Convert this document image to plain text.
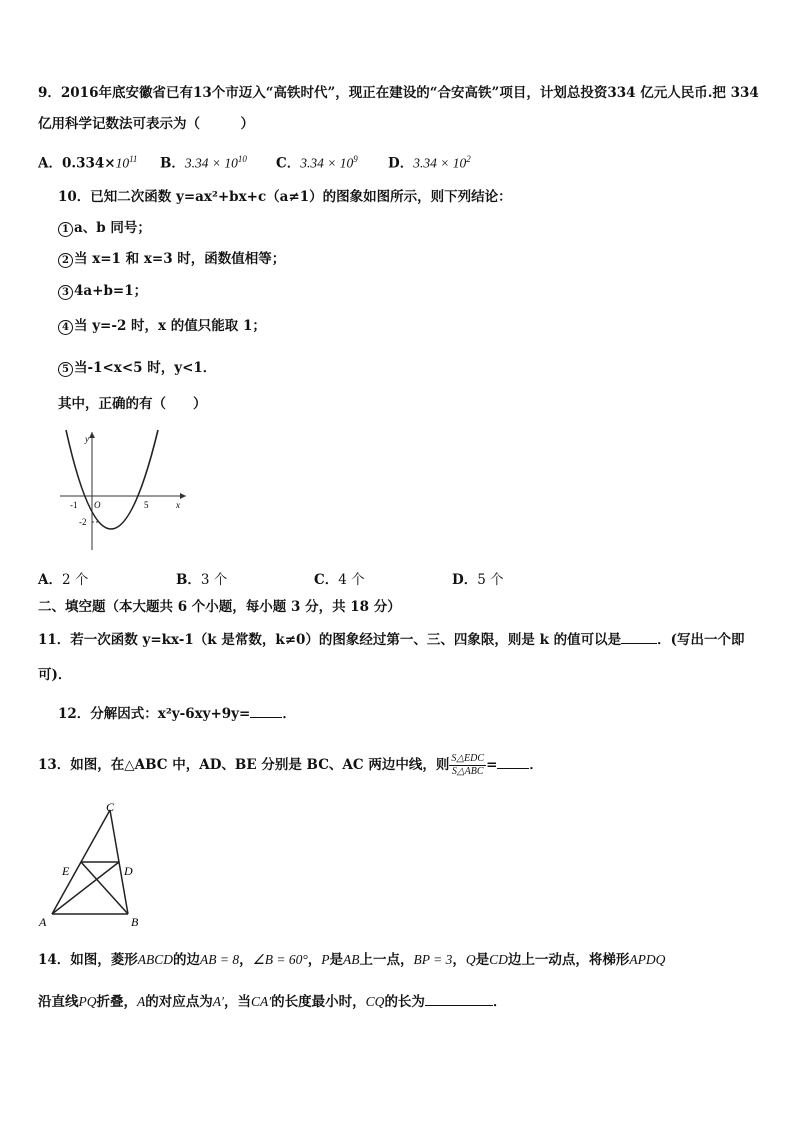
9．2016年底安徽省已有13个市迈入“高铁时代”，现正在建设的“合安高铁”项目，计划总投资334 亿元人民币.把 334
亿用科学记数法可表示为（　　　）
A．$0.334\times 10^{11}$ B．$3.34 \times 10^{10}$ C．$3.34 \times 10^9$ D．$3.34 \times 10^2$
10．已知二次函数 y=ax²+bx+c（a≠1）的图象如图所示，则下列结论：
1 a、b 同号；
2 当 x=1 和 x=3 时，函数值相等；
3 4a+b=1；
4 当 y=-2 时，x 的值只能取 1；
5 当-1<x<5 时，y<1．
其中，正确的有（　　）
y
x
O
-1	5
-2
A．2 个	B．3 个	C．4 个	D．5 个
二、填空题（本大题共 6 个小题，每小题 3 分，共 18 分）
11．若一次函数 y=kx-1（k 是常数，k≠0）的图象经过第一、三、四象限，则是 k 的值可以是	．(写出一个即
可)．
12．分解因式：x²y-6xy+9y= ．
13．如图，在△ABC 中，AD、BE 分别是 BC、AC 两边中线，则 $\frac{\text{S△EDC}}{\text{S△ABC}}$ = ．
C
E	D
A	B
14．如图，菱形ABCD的边AB = 8，∠B = 60°，P是AB上一点，BP = 3，Q是CD边上一动点，将梯形APDQ
沿直线PQ折叠，A的对应点为A′，当CA′的长度最小时，CQ的长为	．
